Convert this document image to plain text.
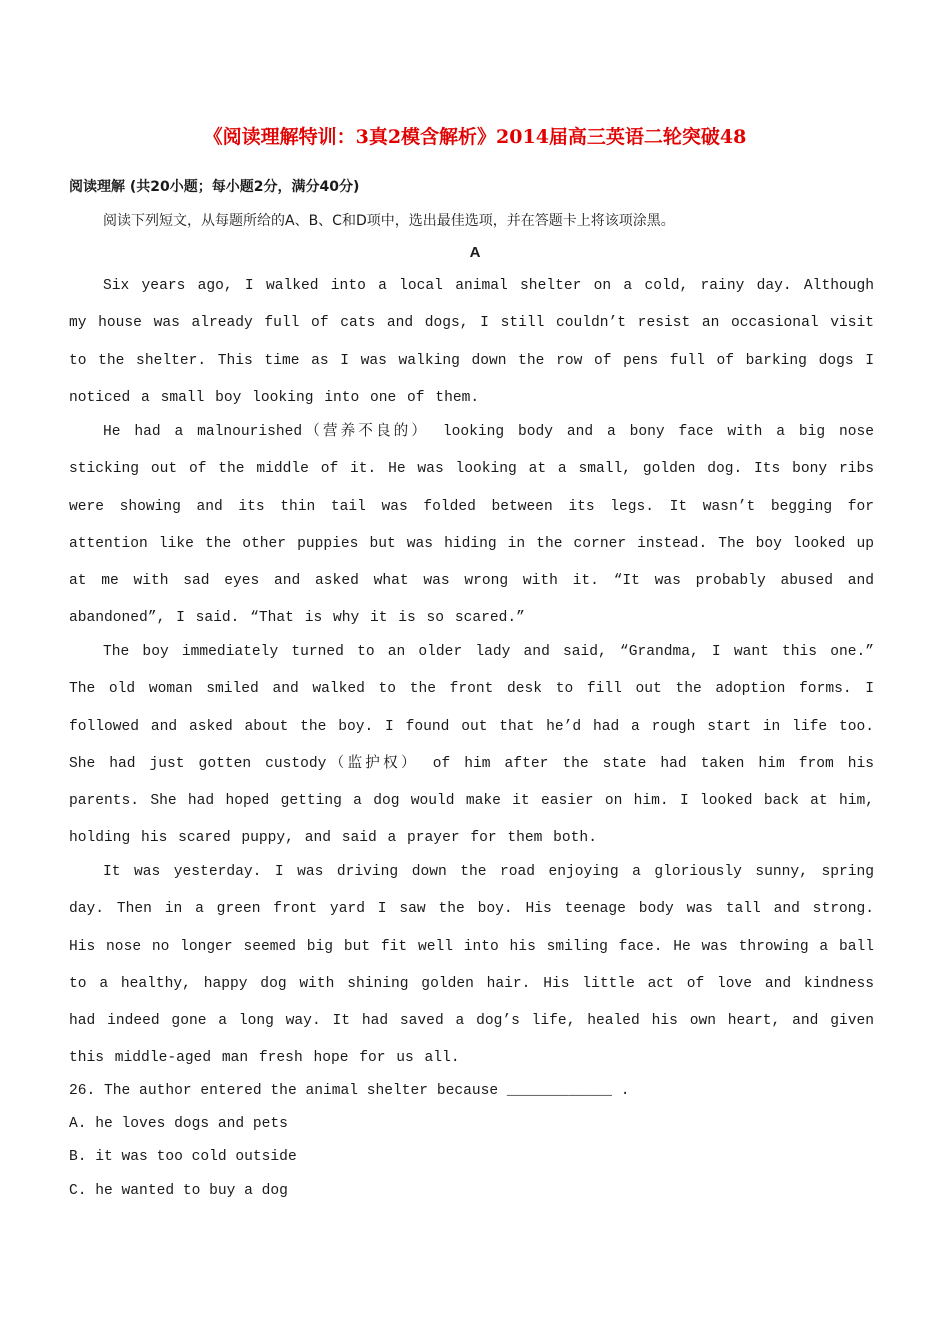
《阅读理解特训：3真2模含解析》2014届高三英语二轮突破48
阅读理解 (共20小题；每小题2分，满分40分)
阅读下列短文，从每题所给的A、B、C和D项中，选出最佳选项，并在答题卡上将该项涂黑。
A

Six years ago, I walked into a local animal shelter on a cold, rainy day. Although my house was already full of cats and dogs, I still couldn’t resist an occasional visit to the shelter. This time as I was walking down the row of pens full of barking dogs I noticed a small boy looking into one of them.

He had a malnourished（营养不良的） looking body and a bony face with a big nose sticking out of the middle of it. He was looking at a small, golden dog. Its bony ribs were showing and its thin tail was folded between its legs. It wasn’t begging for attention like the other puppies but was hiding in the corner instead. The boy looked up at me with sad eyes and asked what was wrong with it. “It was probably abused and abandoned”, I said. “That is why it is so scared.”

The boy immediately turned to an older lady and said, “Grandma, I want this one.” The old woman smiled and walked to the front desk to fill out the adoption forms. I followed and asked about the boy. I found out that he’d had a rough start in life too. She had just gotten custody（监护权） of him after the state had taken him from his parents. She had hoped getting a dog would make it easier on him. I looked back at him, holding his scared puppy, and said a prayer for them both.

It was yesterday. I was driving down the road enjoying a gloriously sunny, spring day. Then in a green front yard I saw the boy. His teenage body was tall and strong. His nose no longer seemed big but fit well into his smiling face. He was throwing a ball to a healthy, happy dog with shining golden hair. His little act of love and kindness had indeed gone a long way. It had saved a dog’s life, healed his own heart, and given this middle-aged man fresh hope for us all.

26. The author entered the animal shelter because ____________ .
A. he loves dogs and pets
B. it was too cold outside
C. he wanted to buy a dog
